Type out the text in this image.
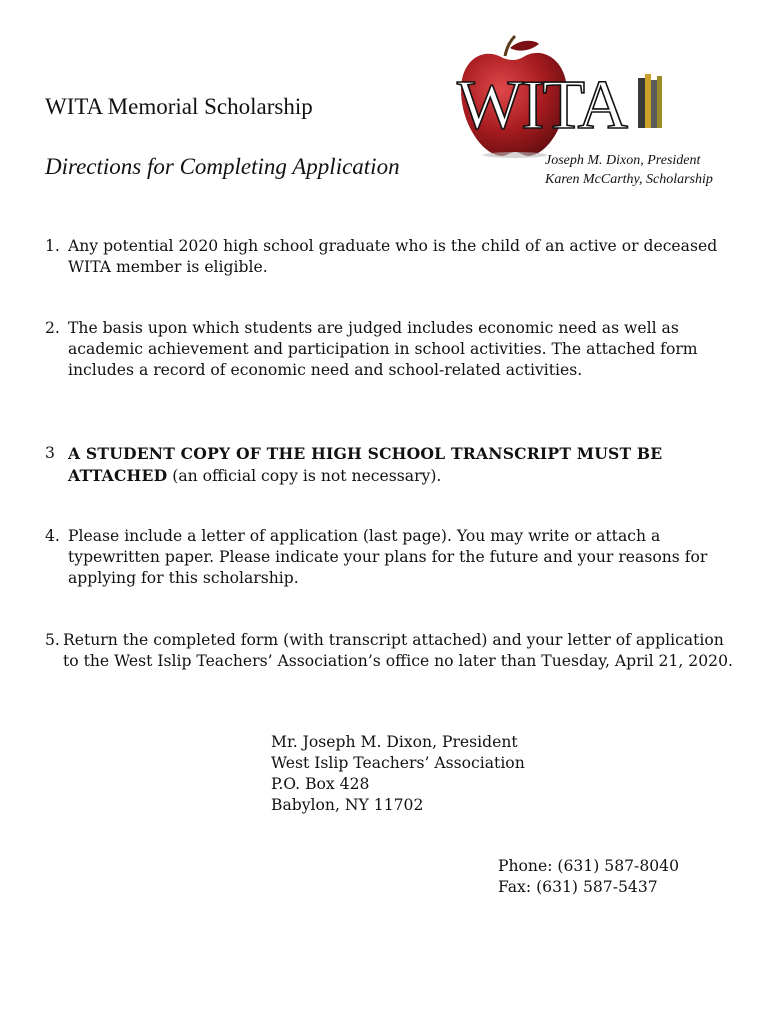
WITA Memorial Scholarship
Directions for Completing Application
WITA
Joseph M. Dixon, President
Karen McCarthy, Scholarship
1. Any potential 2020 high school graduate who is the child of an active or deceased WITA member is eligible.
2. The basis upon which students are judged includes economic need as well as academic achievement and participation in school activities. The attached form includes a record of economic need and school-related activities.
3 A STUDENT COPY OF THE HIGH SCHOOL TRANSCRIPT MUST BE ATTACHED (an official copy is not necessary).
4. Please include a letter of application (last page). You may write or attach a typewritten paper. Please indicate your plans for the future and your reasons for applying for this scholarship.
5. Return the completed form (with transcript attached) and your letter of application to the West Islip Teachers’ Association’s office no later than Tuesday, April 21, 2020.
Mr. Joseph M. Dixon, President
West Islip Teachers’ Association
P.O. Box 428
Babylon, NY 11702
Phone: (631) 587-8040
Fax: (631) 587-5437
